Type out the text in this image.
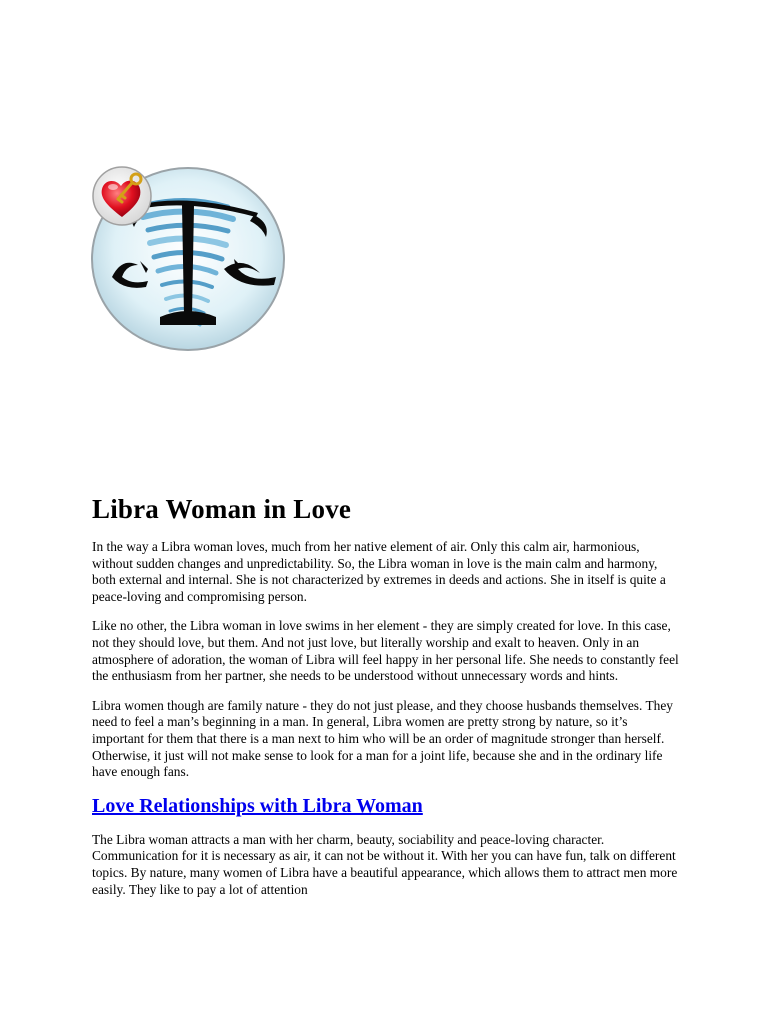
Libra Woman in Love

In the way a Libra woman loves, much from her native element of air. Only this calm air, harmonious, without sudden changes and unpredictability. So, the Libra woman in love is the main calm and harmony, both external and internal. She is not characterized by extremes in deeds and actions. She in itself is quite a peace-loving and compromising person.

Like no other, the Libra woman in love swims in her element - they are simply created for love. In this case, not they should love, but them. And not just love, but literally worship and exalt to heaven. Only in an atmosphere of adoration, the woman of Libra will feel happy in her personal life. She needs to constantly feel the enthusiasm from her partner, she needs to be understood without unnecessary words and hints.

Libra women though are family nature - they do not just please, and they choose husbands themselves. They need to feel a man’s beginning in a man. In general, Libra women are pretty strong by nature, so it’s important for them that there is a man next to him who will be an order of magnitude stronger than herself. Otherwise, it just will not make sense to look for a man for a joint life, because she and in the ordinary life have enough fans.

Love Relationships with Libra Woman

The Libra woman attracts a man with her charm, beauty, sociability and peace-loving character. Communication for it is necessary as air, it can not be without it. With her you can have fun, talk on different topics. By nature, many women of Libra have a beautiful appearance, which allows them to attract men more easily. They like to pay a lot of attention
